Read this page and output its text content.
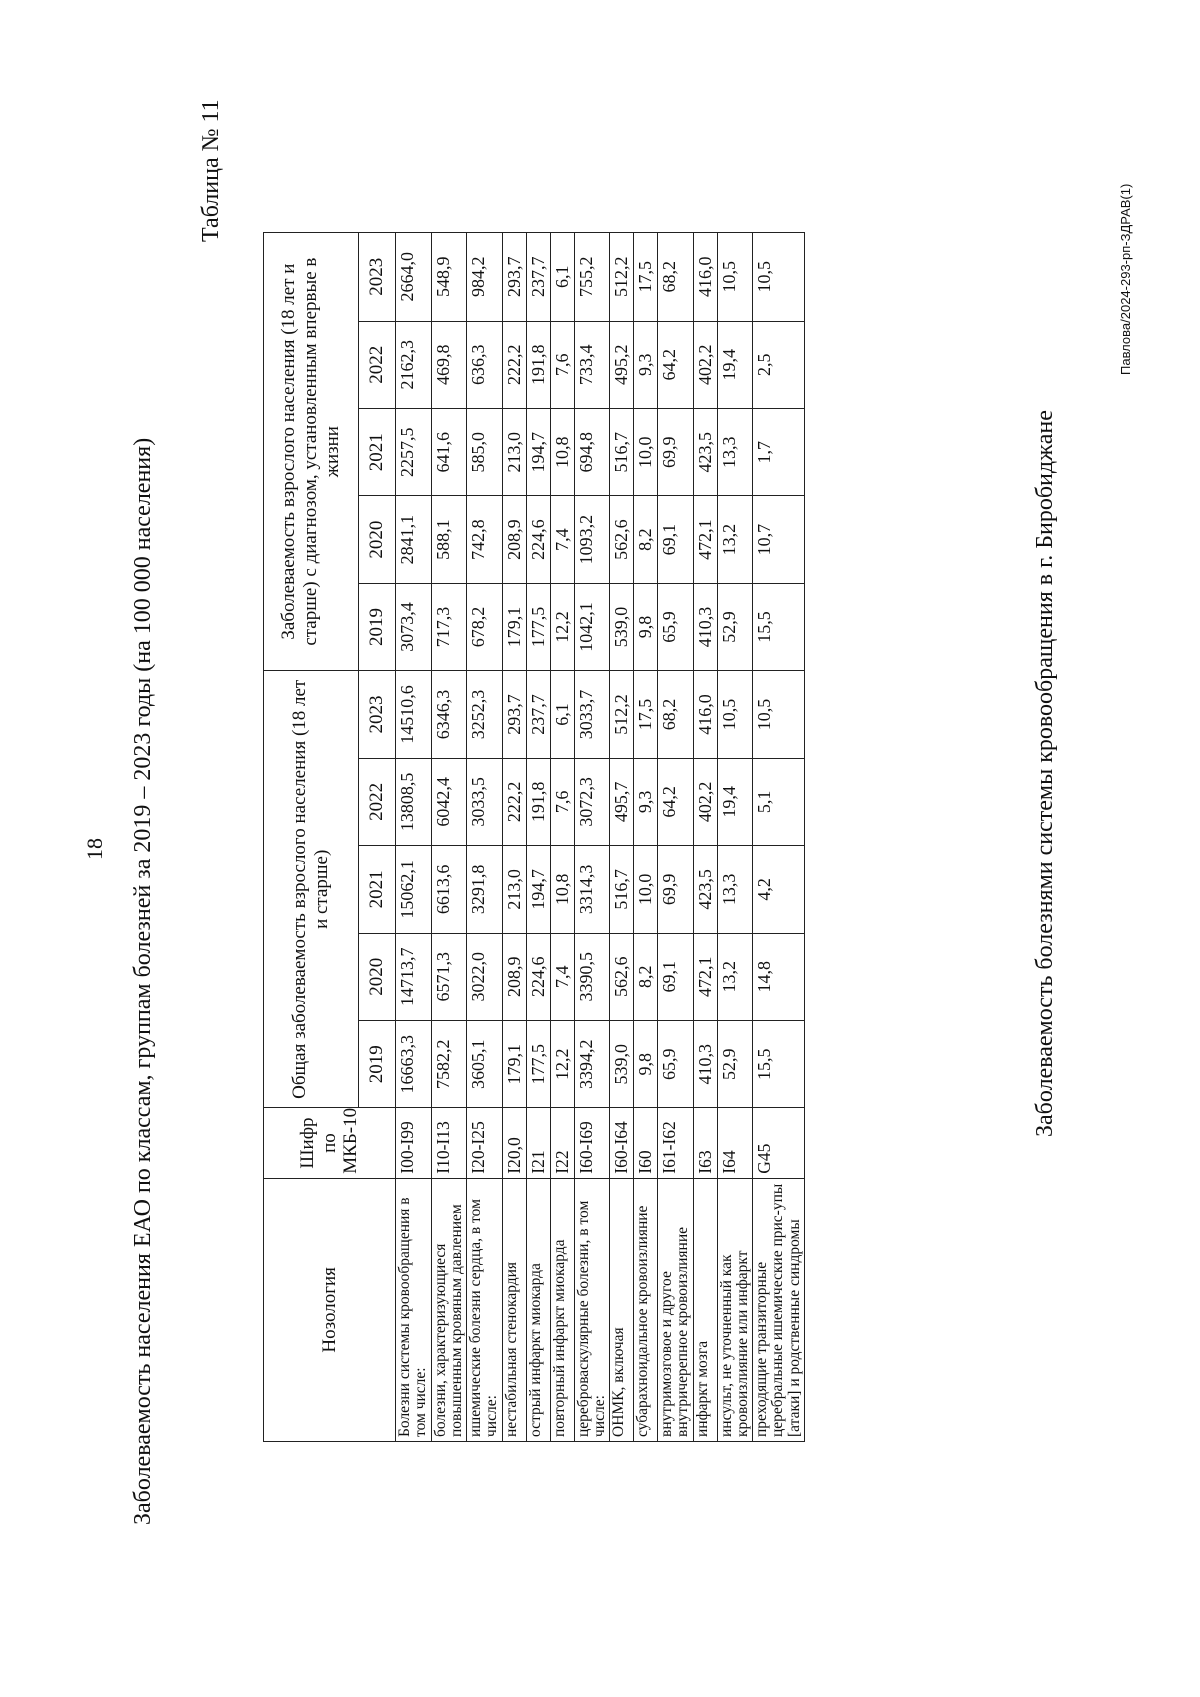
18 Заболеваемость населения ЕАО по классам, группам болезней за 2019 – 2023 годы (на 100 000 населения)
Таблица № 11
Нозология	Шифр по МКБ-10	Общая заболеваемость взрослого населения (18 лет и старше)					Заболеваемость взрослого населения (18 лет и старше) с диагнозом, установленным впервые в жизни				
		2019	2020	2021	2022	2023	2019	2020	2021	2022	2023
Болезни системы кровообращения в том числе:	I00-I99	16663,3	14713,7	15062,1	13808,5	14510,6	3073,4	2841,1	2257,5	2162,3	2664,0
болезни, характеризующиеся повышенным кровяным давлением	I10-I13	7582,2	6571,3	6613,6	6042,4	6346,3	717,3	588,1	641,6	469,8	548,9
ишемические болезни сердца, в том числе:	I20-I25	3605,1	3022,0	3291,8	3033,5	3252,3	678,2	742,8	585,0	636,3	984,2
нестабильная стенокардия	I20,0	179,1	208,9	213,0	222,2	293,7	179,1	208,9	213,0	222,2	293,7
острый инфаркт миокарда	I21	177,5	224,6	194,7	191,8	237,7	177,5	224,6	194,7	191,8	237,7
повторный инфаркт миокарда	I22	12,2	7,4	10,8	7,6	6,1	12,2	7,4	10,8	7,6	6,1
цереброваскулярные болезни, в том числе:	I60-I69	3394,2	3390,5	3314,3	3072,3	3033,7	1042,1	1093,2	694,8	733,4	755,2
ОНМК, включая	I60-I64	539,0	562,6	516,7	495,7	512,2	539,0	562,6	516,7	495,2	512,2
субарахноидальное кровоизлияние	I60	9,8	8,2	10,0	9,3	17,5	9,8	8,2	10,0	9,3	17,5
внутримозговое и другое внутричерепное кровоизлияние	I61-I62	65,9	69,1	69,9	64,2	68,2	65,9	69,1	69,9	64,2	68,2
инфаркт мозга	I63	410,3	472,1	423,5	402,2	416,0	410,3	472,1	423,5	402,2	416,0
инсульт, не уточненный как кровоизлияние или инфаркт	I64	52,9	13,2	13,3	19,4	10,5	52,9	13,2	13,3	19,4	10,5
преходящие транзиторные церебральные ишемические прис-упы [атаки] и родственные синдромы	G45	15,5	14,8	4,2	5,1	10,5	15,5	10,7	1,7	2,5	10,5
Заболеваемость болезнями системы кровообращения в г. Биробиджане
Павлова/2024-293-рп-ЗДРАВ(1)
